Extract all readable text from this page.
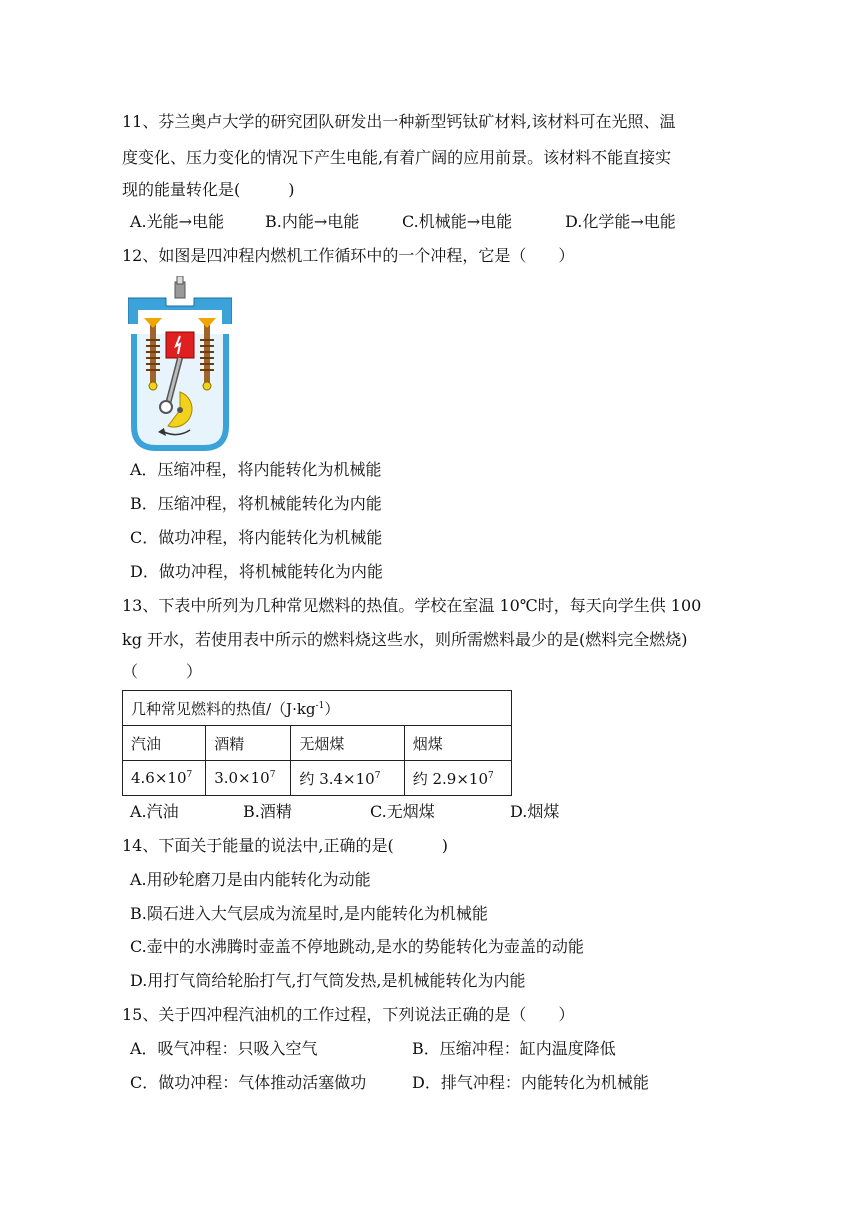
11、芬兰奥卢大学的研究团队研发出一种新型钙钛矿材料,该材料可在光照、温
度变化、压力变化的情况下产生电能,有着广阔的应用前景。该材料不能直接实
现的能量转化是(　　　)
A.光能→电能	B.内能→电能	C.机械能→电能	D.化学能→电能
12、如图是四冲程内燃机工作循环中的一个冲程，它是（　　）
A．压缩冲程，将内能转化为机械能
B．压缩冲程，将机械能转化为内能
C．做功冲程，将内能转化为机械能
D．做功冲程，将机械能转化为内能
13、下表中所列为几种常见燃料的热值。学校在室温 10℃时，每天向学生供 100
kg 开水，若使用表中所示的燃料烧这些水，则所需燃料最少的是(燃料完全燃烧)
（　　　）
几种常见燃料的热值$/(J\cdot kg^{-1})$			
汽油	酒精	无烟煤	烟煤
$4.6\times 10^7$	$3.0\times 10^7$	约 $3.4\times 10^7$	约 $2.9\times 10^7$
A.汽油	B.酒精	C.无烟煤	D.烟煤
14、下面关于能量的说法中,正确的是(　　　)
A.用砂轮磨刀是由内能转化为动能
B.陨石进入大气层成为流星时,是内能转化为机械能
C.壶中的水沸腾时壶盖不停地跳动,是水的势能转化为壶盖的动能
D.用打气筒给轮胎打气,打气筒发热,是机械能转化为内能
15、关于四冲程汽油机的工作过程，下列说法正确的是（　　）
A．吸气冲程：只吸入空气	B．压缩冲程：缸内温度降低
C．做功冲程：气体推动活塞做功	D．排气冲程：内能转化为机械能
